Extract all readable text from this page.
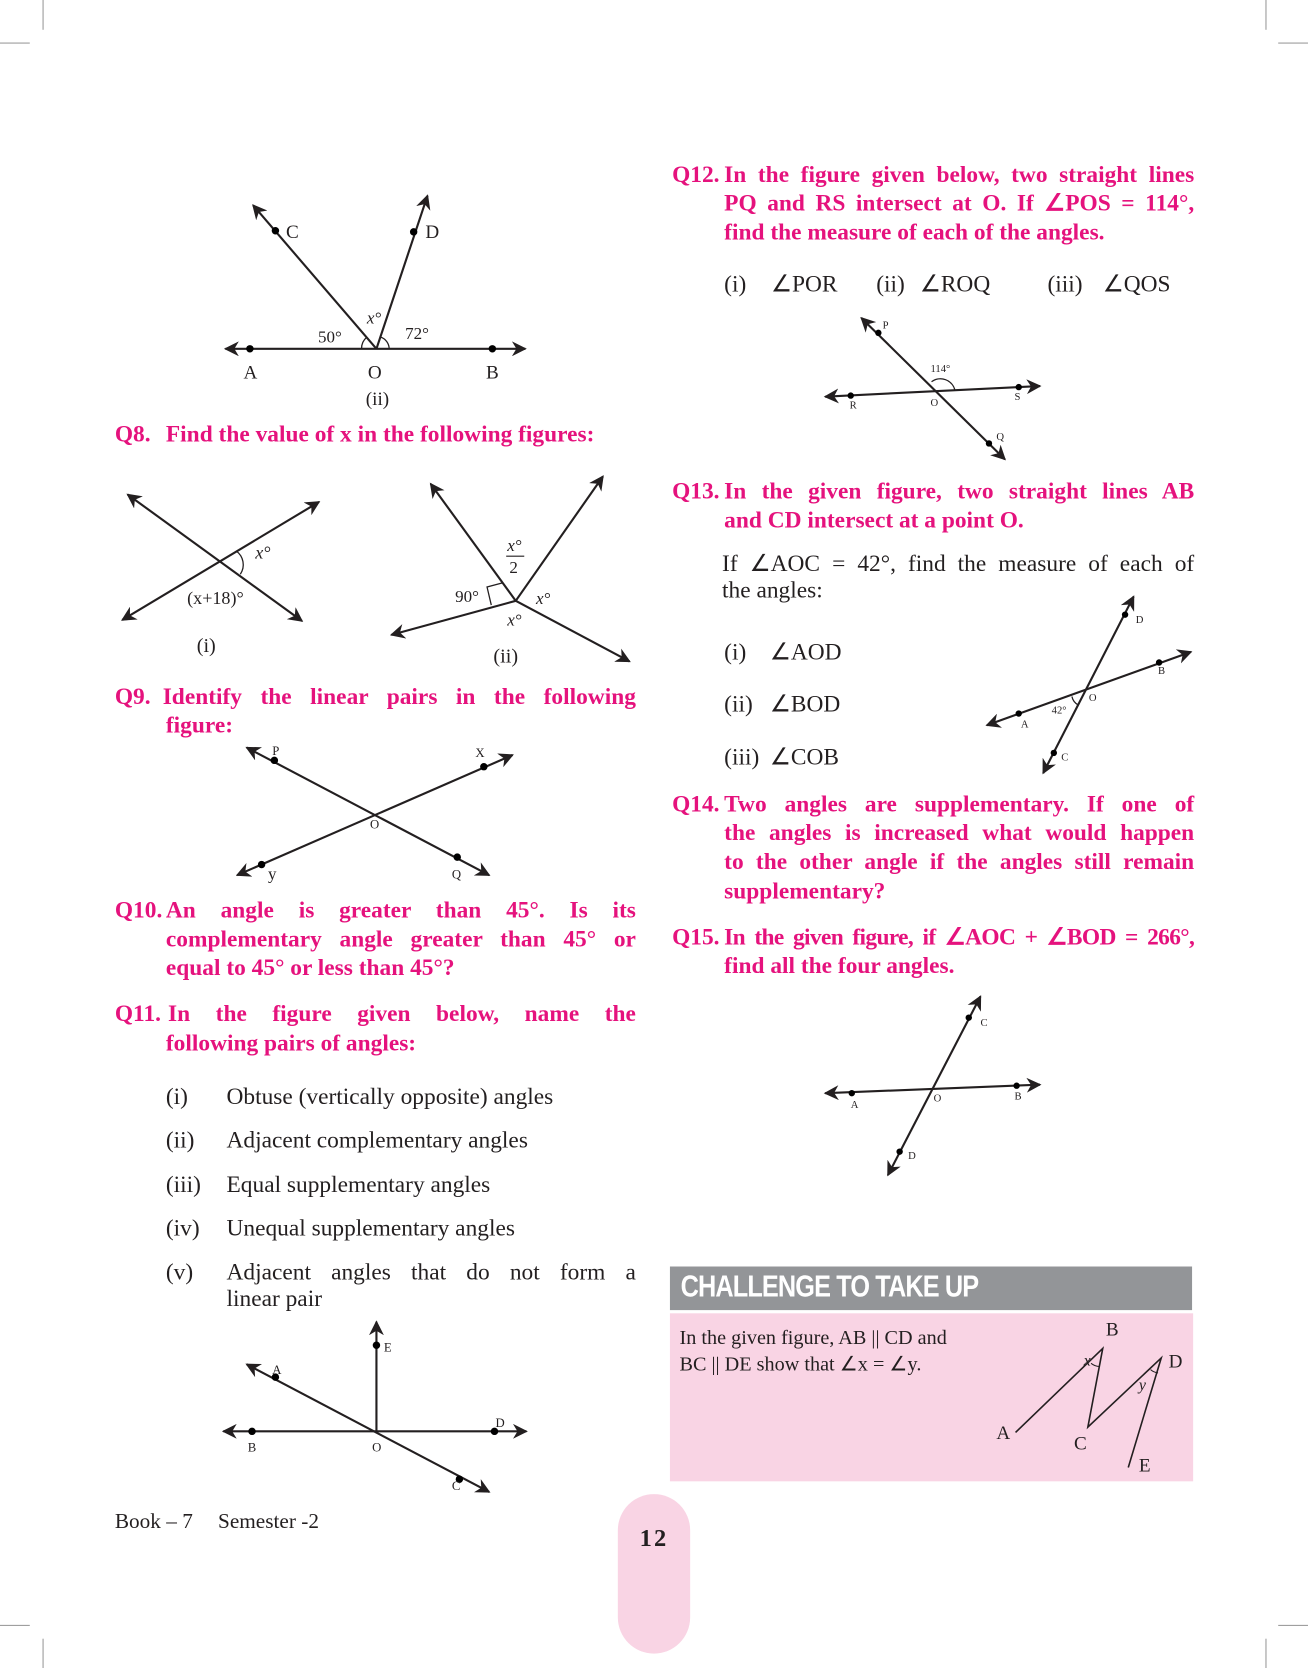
C	D
x°
50°	72°
A	O	B
(ii)
x°
(x+18)°
(i)
x°
2
90°	x°
x°
(ii)
P	X
O
y	Q
A
E
D
B	O
C
P
114°
O
R
S
Q
D
B
O
42°
A
C
C
A
O	B
D
Q8. Find the value of x in the following figures:
Q9. Identify the linear pairs in the following
figure:
Q10. An angle is greater than 45°. Is its
complementary angle greater than 45° or
equal to 45° or less than 45°?
Q11. In the figure given below, name the
following pairs of angles:
(i) Obtuse (vertically opposite) angles
(ii) Adjacent complementary angles
(iii) Equal supplementary angles
(iv) Unequal supplementary angles
(v) Adjacent angles that do not form a
linear pair
Q12. In the figure given below, two straight lines
PQ and RS intersect at O. If ∠POS = 114°,
find the measure of each of the angles.
(i) ∠POR (ii) ∠ROQ	(iii) ∠QOS
Q13. In the given figure, two straight lines AB
and CD intersect at a point O.
If ∠AOC = 42°, find the measure of each of
the angles:
(i) ∠AOD
(ii) ∠BOD
(iii) ∠COB
Q14. Two angles are supplementary. If one of
the angles is increased what would happen
to the other angle if the angles still remain
supplementary?
Q15. In the given figure, if ∠AOC + ∠BOD = 266°,
find all the four angles.
CHALLENGE TO TAKE UP
In the given figure, AB || CD and
BC || DE show that ∠x = ∠y.
B
D
A
C
E
x
y
Book – 7 Semester -2
12
